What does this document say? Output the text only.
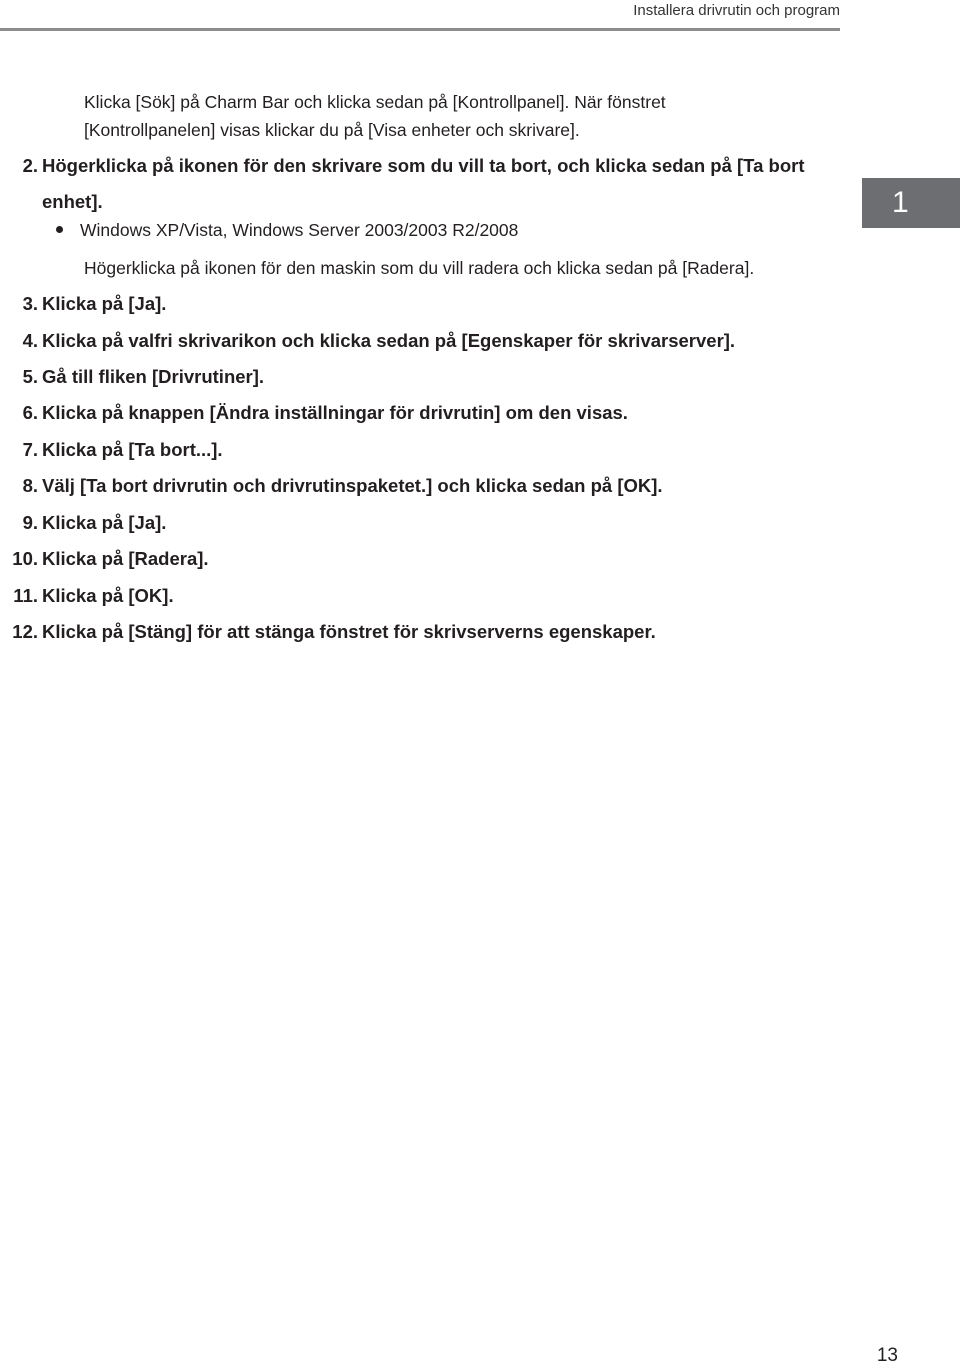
Installera drivrutin och program
1
Klicka [Sök] på Charm Bar och klicka sedan på [Kontrollpanel]. När fönstret [Kontrollpanelen] visas klickar du på [Visa enheter och skrivare].
2. Högerklicka på ikonen för den skrivare som du vill ta bort, och klicka sedan på [Ta bort enhet].
Windows XP/Vista, Windows Server 2003/2003 R2/2008
Högerklicka på ikonen för den maskin som du vill radera och klicka sedan på [Radera].
3. Klicka på [Ja].
4. Klicka på valfri skrivarikon och klicka sedan på [Egenskaper för skrivarserver].
5. Gå till fliken [Drivrutiner].
6. Klicka på knappen [Ändra inställningar för drivrutin] om den visas.
7. Klicka på [Ta bort...].
8. Välj [Ta bort drivrutin och drivrutinspaketet.] och klicka sedan på [OK].
9. Klicka på [Ja].
10. Klicka på [Radera].
11. Klicka på [OK].
12. Klicka på [Stäng] för att stänga fönstret för skrivserverns egenskaper.
13
